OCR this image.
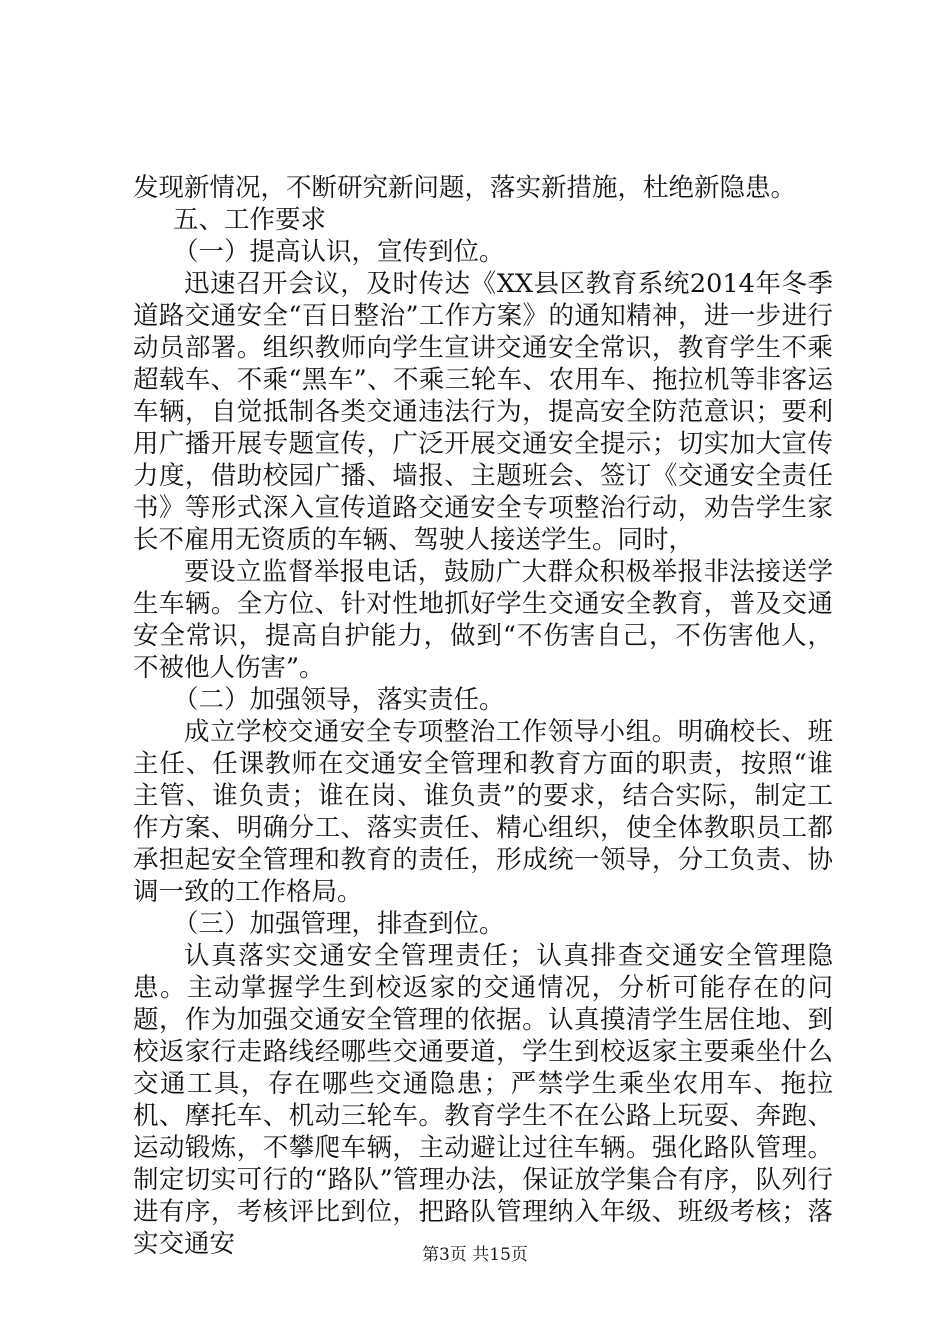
发现新情况，不断研究新问题，落实新措施，杜绝新隐患。

五、工作要求

（一）提高认识，宣传到位。

迅速召开会议，及时传达《XX县区教育系统2014年冬季道路交通安全“百日整治”工作方案》的通知精神，进一步进行动员部署。组织教师向学生宣讲交通安全常识，教育学生不乘超载车、不乘“黑车”、不乘三轮车、农用车、拖拉机等非客运车辆，自觉抵制各类交通违法行为，提高安全防范意识；要利用广播开展专题宣传，广泛开展交通安全提示；切实加大宣传力度，借助校园广播、墙报、主题班会、签订《交通安全责任书》等形式深入宣传道路交通安全专项整治行动，劝告学生家长不雇用无资质的车辆、驾驶人接送学生。同时，

要设立监督举报电话，鼓励广大群众积极举报非法接送学生车辆。全方位、针对性地抓好学生交通安全教育，普及交通安全常识，提高自护能力，做到“不伤害自己，不伤害他人，不被他人伤害”。

（二）加强领导，落实责任。

成立学校交通安全专项整治工作领导小组。明确校长、班主任、任课教师在交通安全管理和教育方面的职责，按照“谁主管、谁负责；谁在岗、谁负责”的要求，结合实际，制定工作方案、明确分工、落实责任、精心组织，使全体教职员工都承担起安全管理和教育的责任，形成统一领导，分工负责、协调一致的工作格局。

（三）加强管理，排查到位。

认真落实交通安全管理责任；认真排查交通安全管理隐患。主动掌握学生到校返家的交通情况，分析可能存在的问题，作为加强交通安全管理的依据。认真摸清学生居住地、到校返家行走路线经哪些交通要道，学生到校返家主要乘坐什么交通工具，存在哪些交通隐患；严禁学生乘坐农用车、拖拉机、摩托车、机动三轮车。教育学生不在公路上玩耍、奔跑、运动锻炼，不攀爬车辆，主动避让过往车辆。强化路队管理。制定切实可行的“路队”管理办法，保证放学集合有序，队列行进有序，考核评比到位，把路队管理纳入年级、班级考核；落实交通安	第3页 共15页
